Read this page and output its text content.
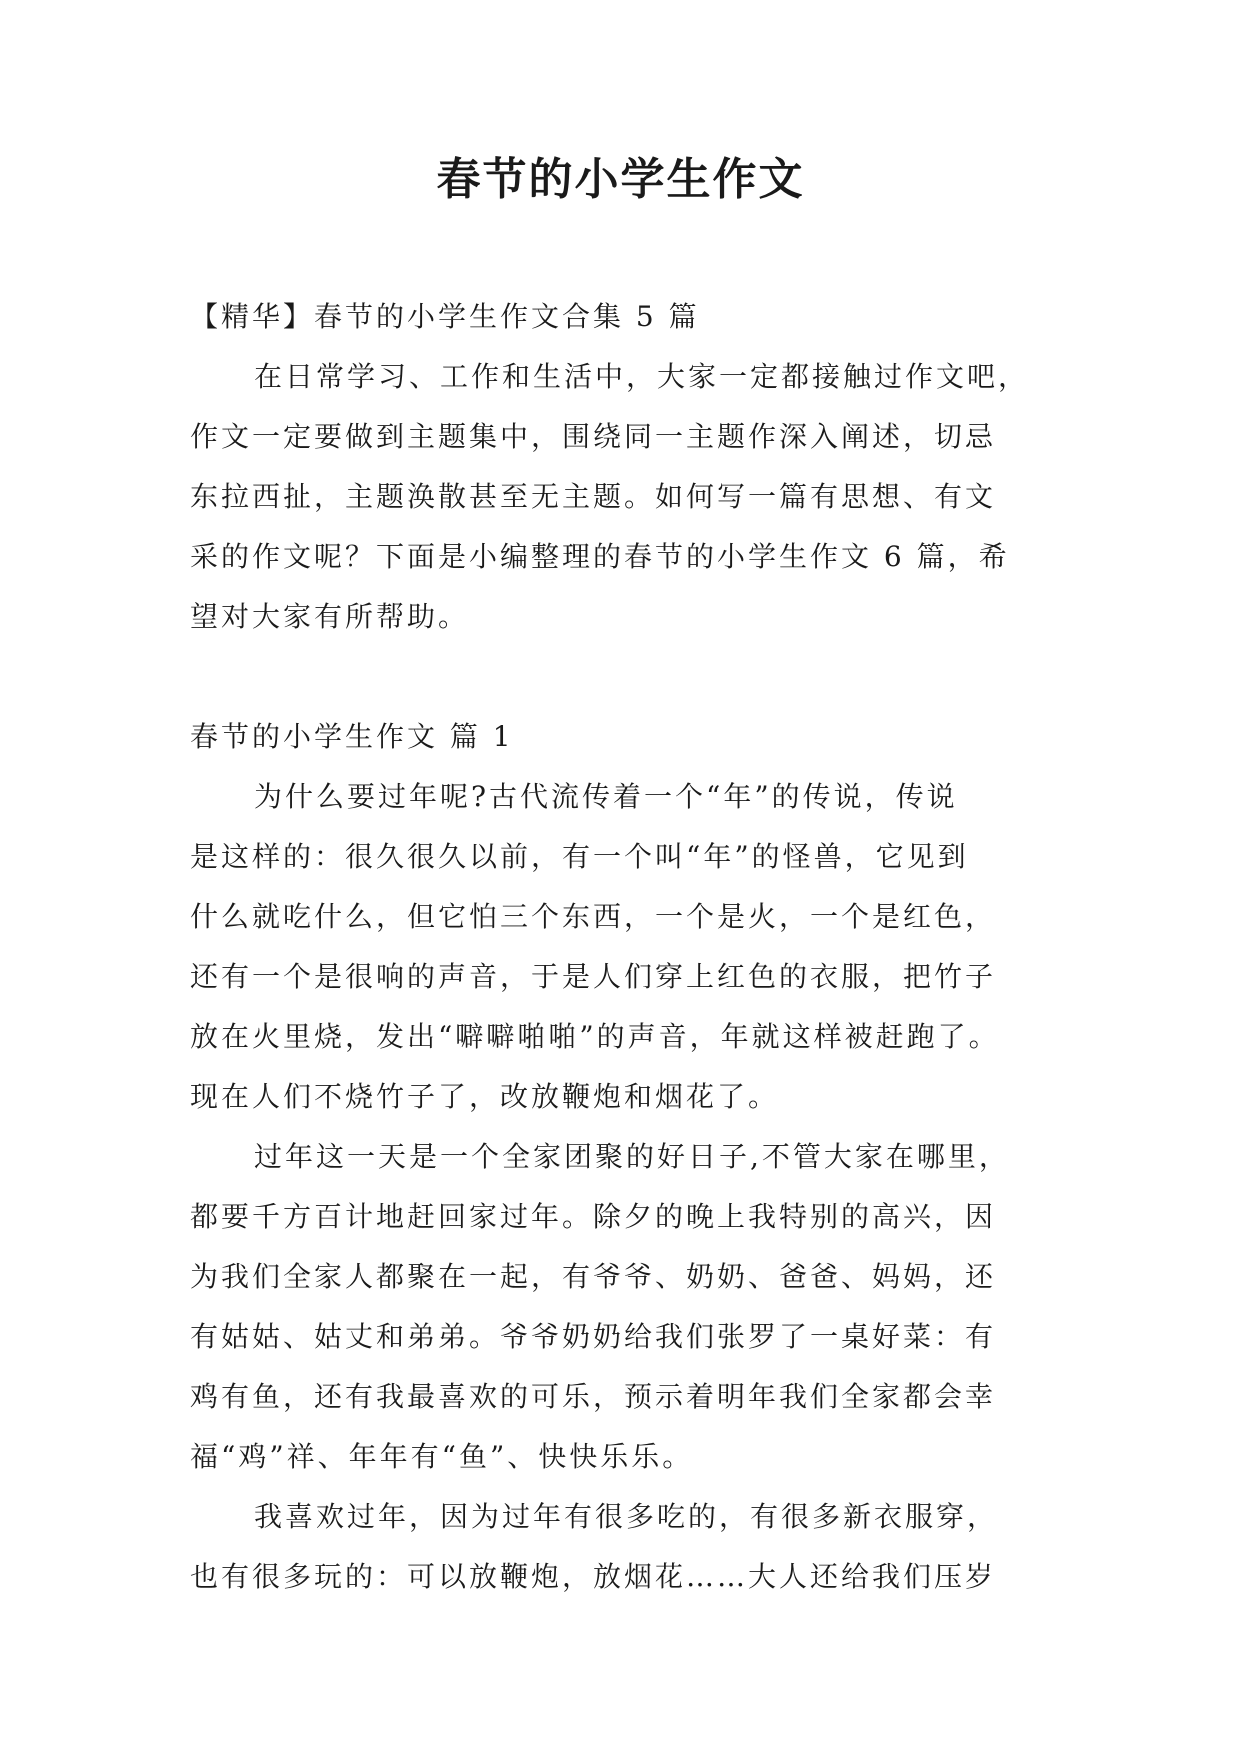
春节的小学生作文
【精华】春节的小学生作文合集 5 篇
在日常学习、工作和生活中，大家一定都接触过作文吧，
作文一定要做到主题集中，围绕同一主题作深入阐述，切忌
东拉西扯，主题涣散甚至无主题。如何写一篇有思想、有文
采的作文呢？下面是小编整理的春节的小学生作文 6 篇，希
望对大家有所帮助。
春节的小学生作文 篇 1
为什么要过年呢?古代流传着一个“年”的传说，传说
是这样的：很久很久以前，有一个叫“年”的怪兽，它见到
什么就吃什么，但它怕三个东西，一个是火，一个是红色，
还有一个是很响的声音，于是人们穿上红色的衣服，把竹子
放在火里烧，发出“噼噼啪啪”的声音，年就这样被赶跑了。
现在人们不烧竹子了，改放鞭炮和烟花了。
过年这一天是一个全家团聚的好日子,不管大家在哪里，
都要千方百计地赶回家过年。除夕的晚上我特别的高兴，因
为我们全家人都聚在一起，有爷爷、奶奶、爸爸、妈妈，还
有姑姑、姑丈和弟弟。爷爷奶奶给我们张罗了一桌好菜：有
鸡有鱼，还有我最喜欢的可乐，预示着明年我们全家都会幸
福“鸡”祥、年年有“鱼”、快快乐乐。
我喜欢过年，因为过年有很多吃的，有很多新衣服穿，
也有很多玩的：可以放鞭炮，放烟花……大人还给我们压岁
